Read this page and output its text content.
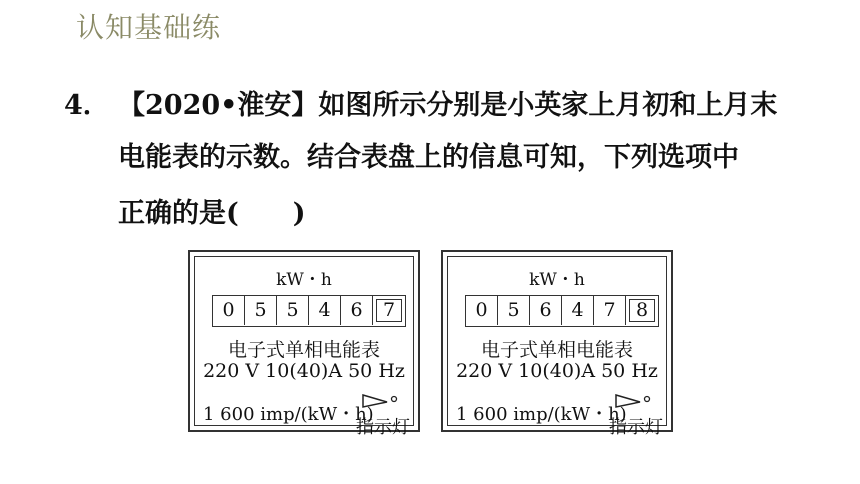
认知基础练
4． 【2020•淮安】如图所示分别是小英家上月初和上月末
电能表的示数。结合表盘上的信息可知，下列选项中
正确的是(　　)
kW・h
0	5	5	4	6	7
电子式单相电能表
220 V 10(40)A 50 Hz
1 600 imp/(kW・h)
指示灯
kW・h
0	5	6	4	7	8
电子式单相电能表
220 V 10(40)A 50 Hz
1 600 imp/(kW・h)
指示灯
